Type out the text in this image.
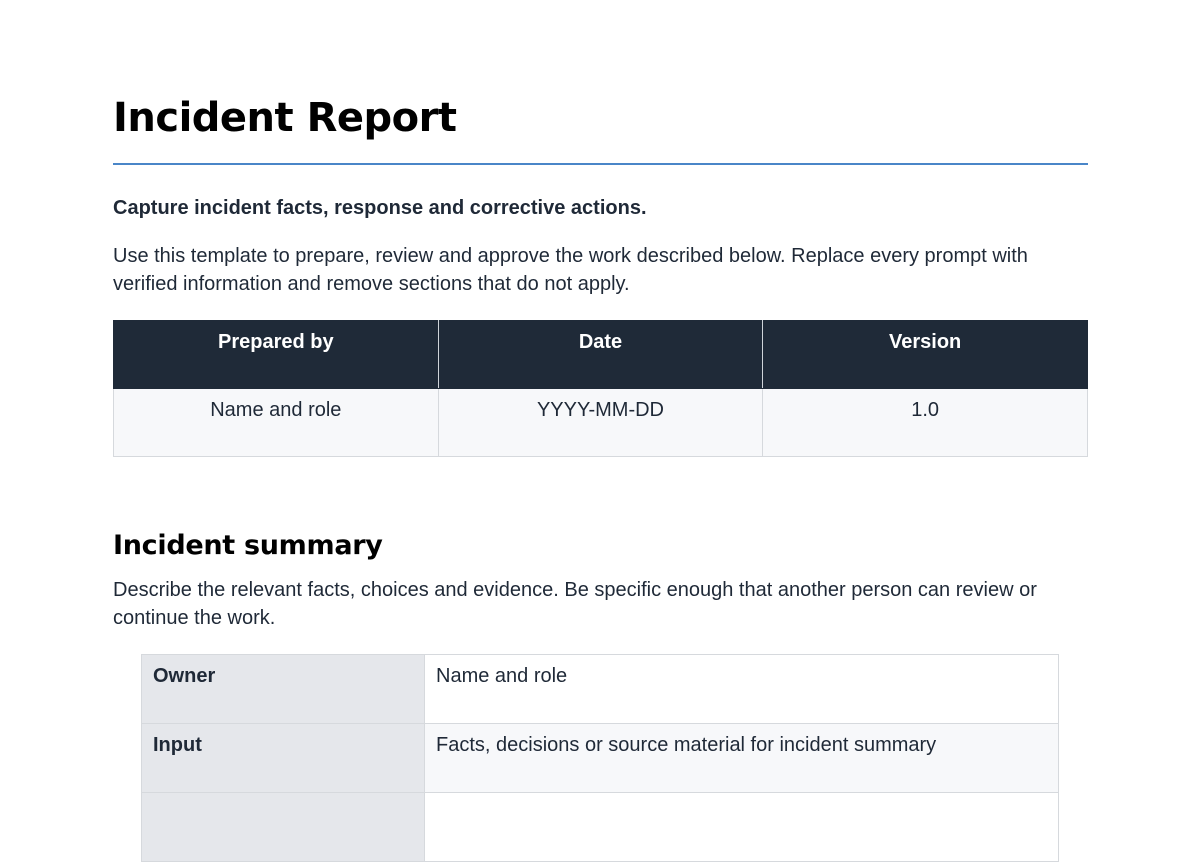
Incident Report

Capture incident facts, response and corrective actions.

Use this template to prepare, review and approve the work described below. Replace every prompt with verified information and remove sections that do not apply.

Prepared by	Date	Version
Name and role	YYYY-MM-DD	1.0
Incident summary

Describe the relevant facts, choices and evidence. Be specific enough that another person can review or continue the work.

Owner	Name and role
Input	Facts, decisions or source material for incident summary
